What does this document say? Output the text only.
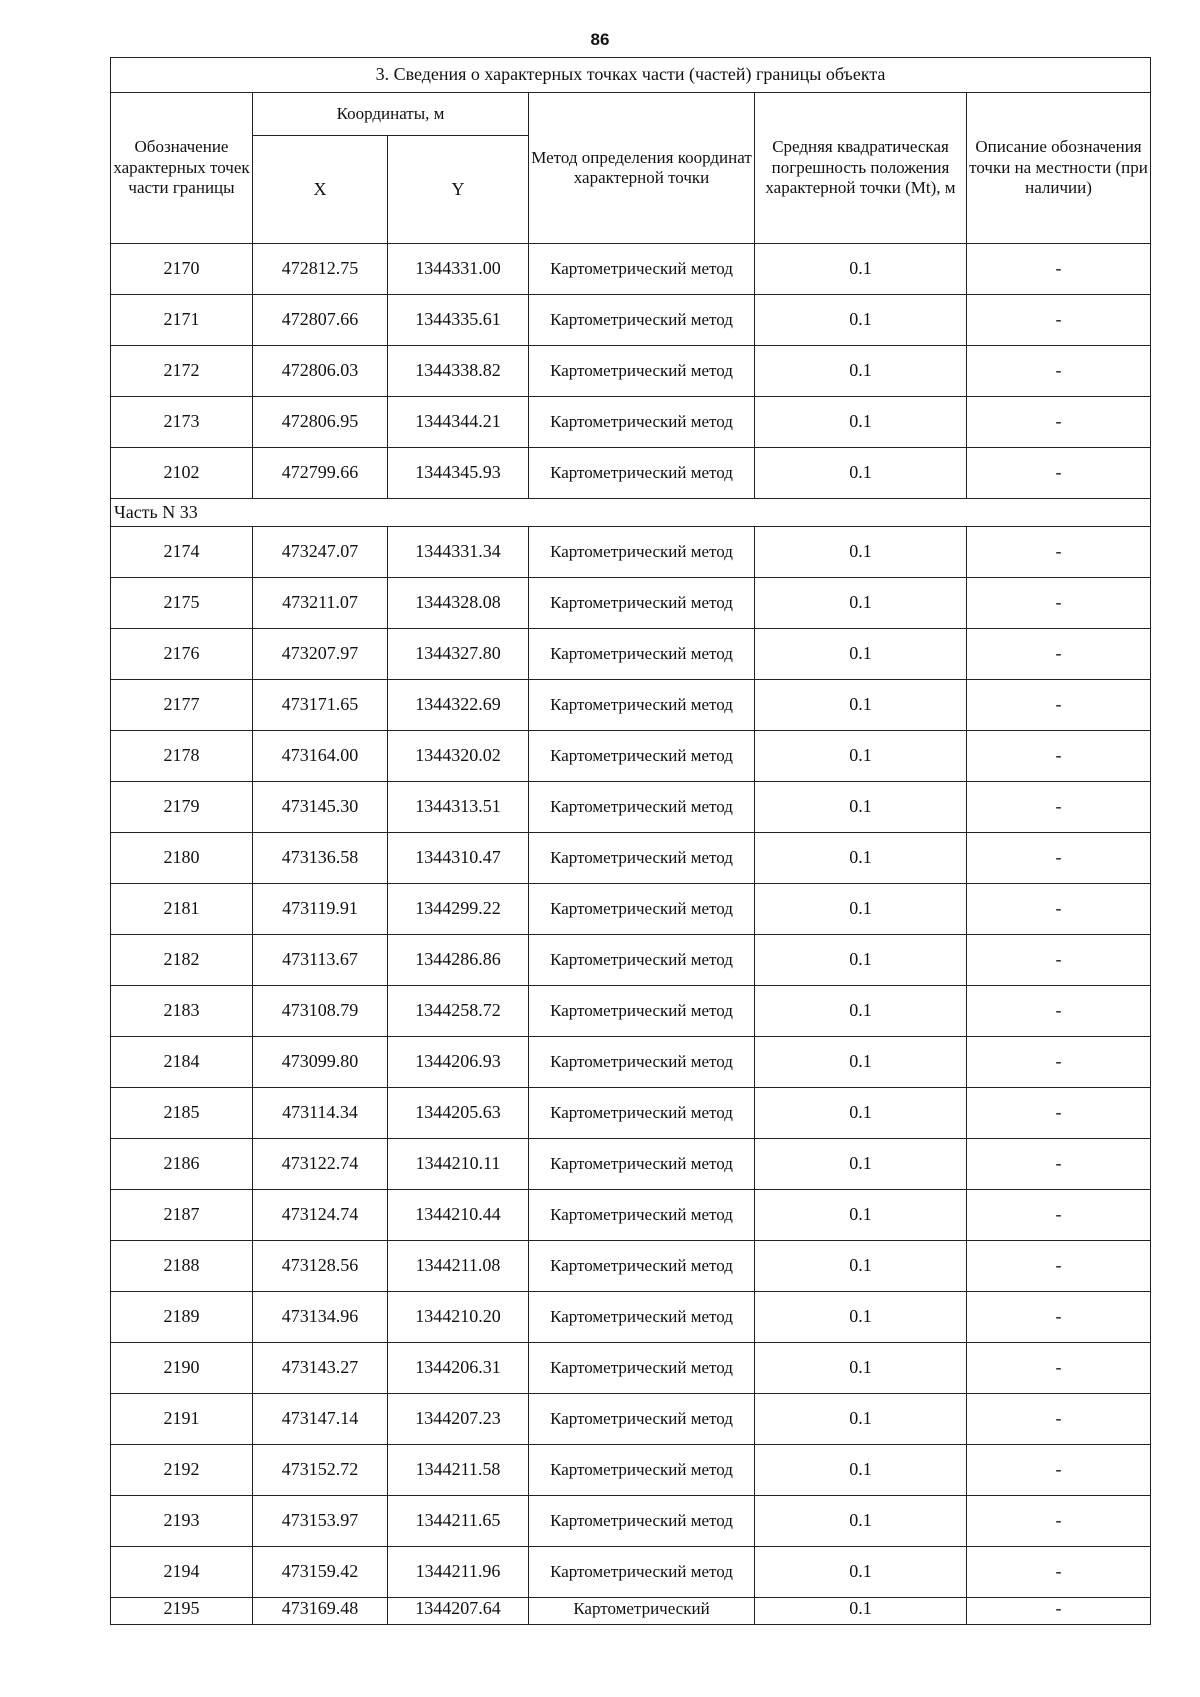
86
3. Сведения о характерных точках части (частей) границы объекта					
Обозначение характерных точек части границы	Координаты, м		Метод определения координат характерной точки	Средняя квадратическая погрешность положения характерной точки (Mt), м	Описание обозначения точки на местности (при наличии)
	X	Y			
2170	472812.75	1344331.00	Картометрический метод	0.1	-
2171	472807.66	1344335.61	Картометрический метод	0.1	-
2172	472806.03	1344338.82	Картометрический метод	0.1	-
2173	472806.95	1344344.21	Картометрический метод	0.1	-
2102	472799.66	1344345.93	Картометрический метод	0.1	-
Часть N 33					
2174	473247.07	1344331.34	Картометрический метод	0.1	-
2175	473211.07	1344328.08	Картометрический метод	0.1	-
2176	473207.97	1344327.80	Картометрический метод	0.1	-
2177	473171.65	1344322.69	Картометрический метод	0.1	-
2178	473164.00	1344320.02	Картометрический метод	0.1	-
2179	473145.30	1344313.51	Картометрический метод	0.1	-
2180	473136.58	1344310.47	Картометрический метод	0.1	-
2181	473119.91	1344299.22	Картометрический метод	0.1	-
2182	473113.67	1344286.86	Картометрический метод	0.1	-
2183	473108.79	1344258.72	Картометрический метод	0.1	-
2184	473099.80	1344206.93	Картометрический метод	0.1	-
2185	473114.34	1344205.63	Картометрический метод	0.1	-
2186	473122.74	1344210.11	Картометрический метод	0.1	-
2187	473124.74	1344210.44	Картометрический метод	0.1	-
2188	473128.56	1344211.08	Картометрический метод	0.1	-
2189	473134.96	1344210.20	Картометрический метод	0.1	-
2190	473143.27	1344206.31	Картометрический метод	0.1	-
2191	473147.14	1344207.23	Картометрический метод	0.1	-
2192	473152.72	1344211.58	Картометрический метод	0.1	-
2193	473153.97	1344211.65	Картометрический метод	0.1	-
2194	473159.42	1344211.96	Картометрический метод	0.1	-
2195	473169.48	1344207.64	Картометрический	0.1	-
